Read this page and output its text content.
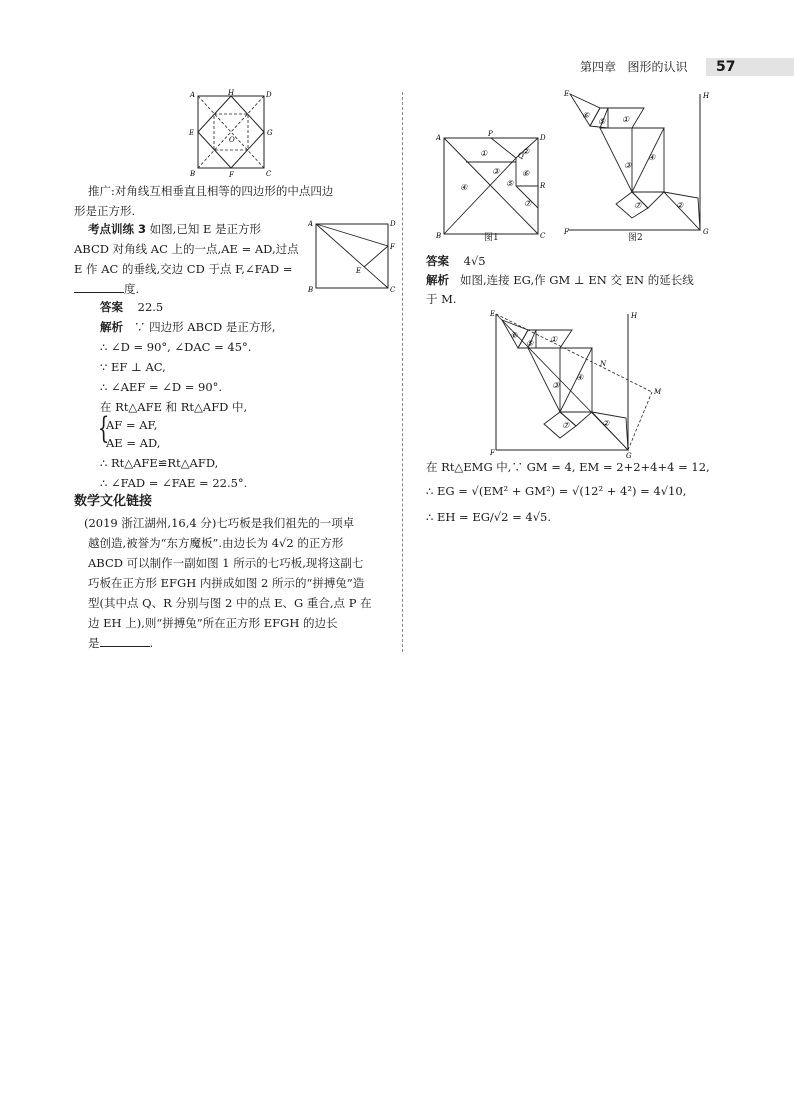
第四章 图形的认识 57
A	H	D
E
O
G
B	F	C
推广:对角线互相垂直且相等的四边形的中点四边
形是正方形.
考点训练 3 如图,已知 E 是正方形
ABCD 对角线 AC 上的一点,AE = AD,过点
E 作 AC 的垂线,交边 CD 于点 F,∠FAD =
度.
答案 22.5
解析 ∵ 四边形 ABCD 是正方形,
∴ ∠D = 90°, ∠DAC = 45°.
∵ EF ⊥ AC,
∴ ∠AEF = ∠D = 90°.
在 Rt△AFE 和 Rt△AFD 中,
{
AF = AF,
AE = AD,
∴ Rt△AFE≌Rt△AFD,
∴ ∠FAD = ∠FAE = 22.5°.
数学文化链接
(2019 浙江湖州,16,4 分)七巧板是我们祖先的一项卓
越创造,被誉为“东方魔板”.由边长为 4√2 的正方形
ABCD 可以制作一副如图 1 所示的七巧板,现将这副七
巧板在正方形 EFGH 内拼成如图 2 所示的“拼搏兔”造
型(其中点 Q、R 分别与图 2 中的点 E、G 重合,点 P 在
边 EH 上),则“拼搏兔”所在正方形 EFGH 的边长
是	.
A	D
F
E
B	C
A	P	D
Q
R
B	C
①	②
③
④	⑤
⑥
⑦
图1
E	H
F	G
①
②
③
④
⑤
⑥
⑦
图2
答案 4√5
解析 如图,连接 EG,作 GM ⊥ EN 交 EN 的延长线
于 M.
E	H
N
M
F	G
①
②
③
④
⑤
⑥
⑦
在 Rt△EMG 中,∵ GM = 4, EM = 2+2+4+4 = 12,
∴ EG = √(EM² + GM²) = √(12² + 4²) = 4√10,
∴ EH = EG/√2 = 4√5.
